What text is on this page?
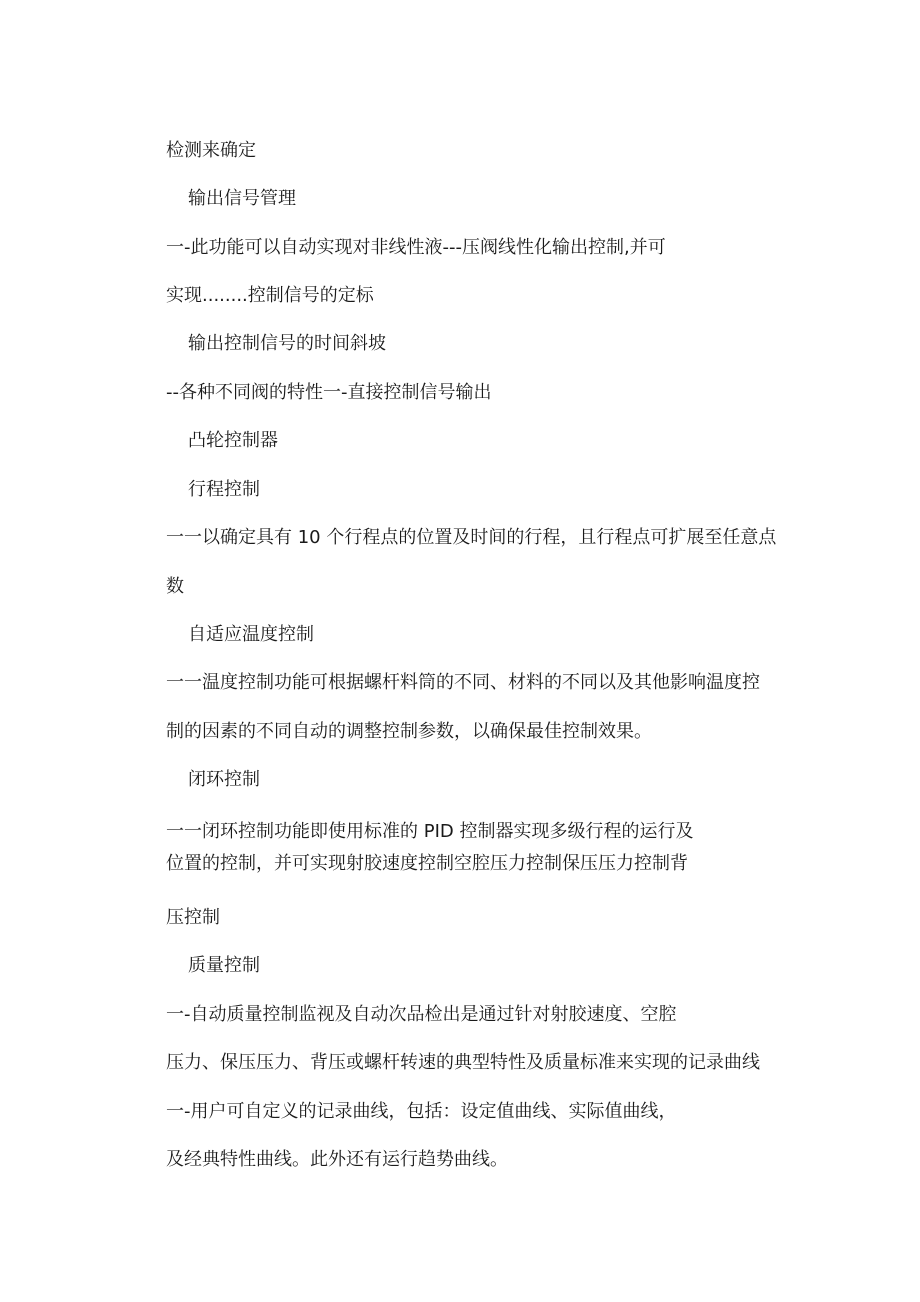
检测来确定
输出信号管理
一-此功能可以自动实现对非线性液---压阀线性化输出控制,并可
实现........控制信号的定标
输出控制信号的时间斜坡
--各种不同阀的特性一-直接控制信号输出
凸轮控制器
行程控制
一一以确定具有 10 个行程点的位置及时间的行程，且行程点可扩展至任意点
数
自适应温度控制
一一温度控制功能可根据螺杆料筒的不同、材料的不同以及其他影响温度控
制的因素的不同自动的调整控制参数，以确保最佳控制效果。
闭环控制
一一闭环控制功能即使用标准的 PID 控制器实现多级行程的运行及
位置的控制，并可实现射胶速度控制空腔压力控制保压压力控制背
压控制
质量控制
一-自动质量控制监视及自动次品检出是通过针对射胶速度、空腔
压力、保压压力、背压或螺杆转速的典型特性及质量标准来实现的记录曲线
一-用户可自定义的记录曲线，包括：设定值曲线、实际值曲线，
及经典特性曲线。此外还有运行趋势曲线。
